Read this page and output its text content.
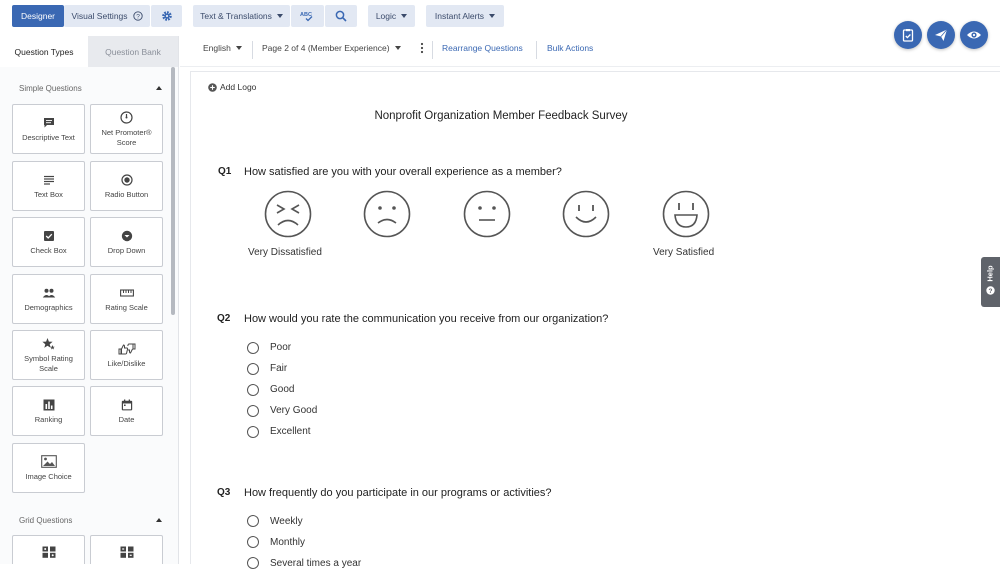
Designer Visual Settings ?	Text & Translations	ABC	Logic	Instant Alerts
English	Page 2 of 4 (Member Experience)	Rearrange Questions	Bulk Actions
Question Types	Question Bank
Simple Questions
Descriptive Text
Net Promoter® Score
Text Box	Radio Button
Check Box	Drop Down
Demographics	Rating Scale
Symbol Rating Scale
Like/Dislike
Ranking	Date
Image Choice
Grid Questions
Add Logo
Nonprofit Organization Member Feedback Survey
Q1 How satisfied are you with your overall experience as a member?
Very Dissatisfied	Very Satisfied
Q2 How would you rate the communication you receive from our organization?
Poor
Fair
Good
Very Good
Excellent
Q3 How frequently do you participate in our programs or activities?
Weekly
Monthly
Several times a year
Help
?
